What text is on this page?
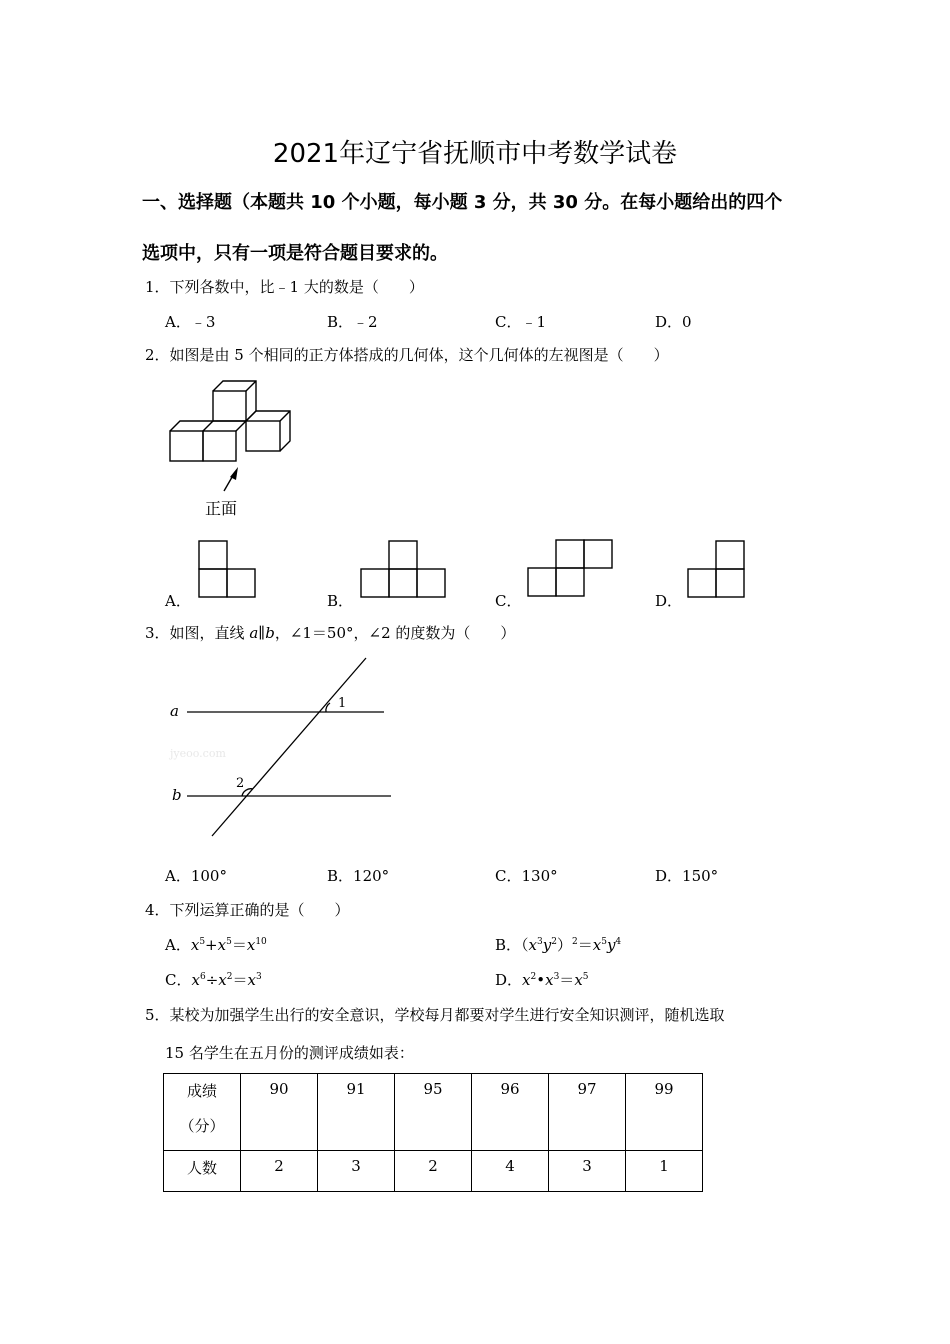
2021年辽宁省抚顺市中考数学试卷
一、选择题（本题共 10 个小题，每小题 3 分，共 30 分。在每小题给出的四个
选项中，只有一项是符合题目要求的。
1．下列各数中，比﹣1 大的数是（　　）
A．﹣3	B．﹣2	C．﹣1	D．0
2．如图是由 5 个相同的正方体搭成的几何体，这个几何体的左视图是（　　）
正面
A．	B．	C．	D．
3．如图，直线 a∥b，∠1＝50°，∠2 的度数为（　　）
a
b
1
2
jyeoo.com
A．100°	B．120°	C．130°	D．150°
4．下列运算正确的是（　　）
A．$x^5+x^5=x^{10}$	B．$(x^3y^2)^2=x^5y^4$
C．$x^6\div x^2=x^3$	D．$x^2•x^3=x^5$
5．某校为加强学生出行的安全意识，学校每月都要对学生进行安全知识测评，随机选取
15 名学生在五月份的测评成绩如表：
成绩
（分）	90	91	95	96	97	99
人数	2	3	2	4	3	1
